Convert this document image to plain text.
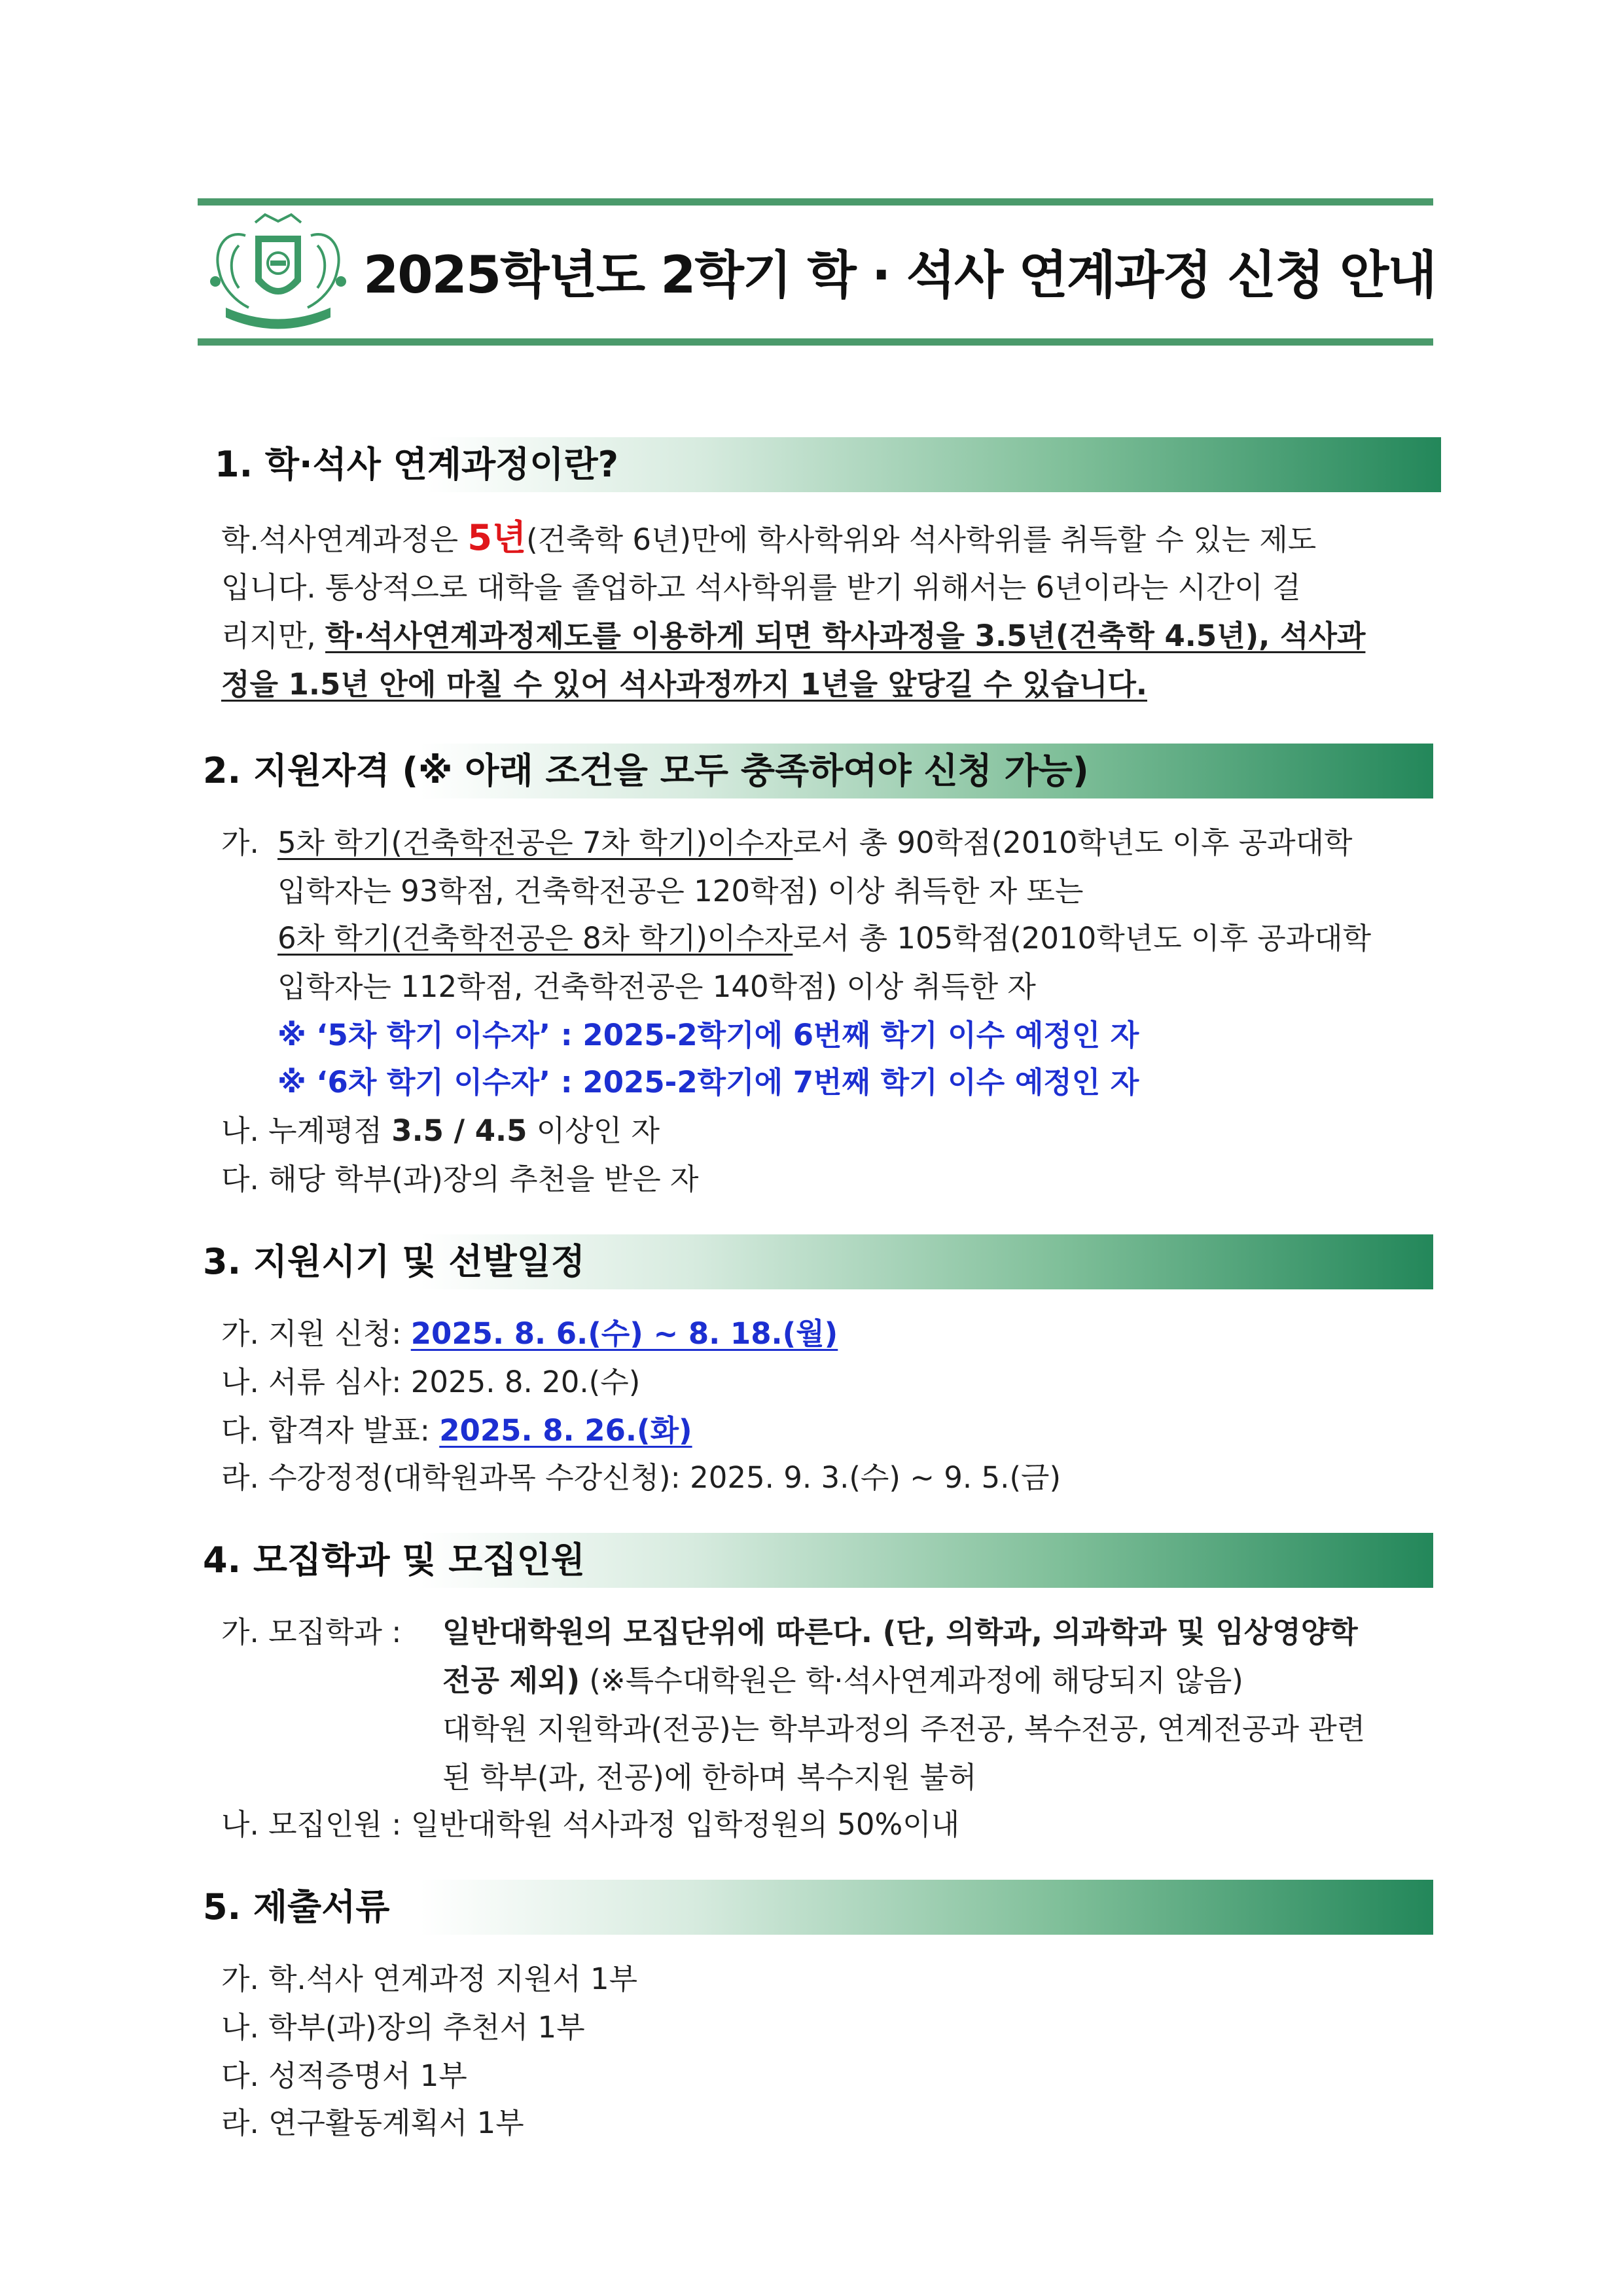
2025학년도 2학기 학 · 석사 연계과정 신청 안내
1. 학·석사 연계과정이란?
학.석사연계과정은 5년(건축학 6년)만에 학사학위와 석사학위를 취득할 수 있는 제도
입니다. 통상적으로 대학을 졸업하고 석사학위를 받기 위해서는 6년이라는 시간이 걸
리지만, 학·석사연계과정제도를 이용하게 되면 학사과정을 3.5년(건축학 4.5년), 석사과
정을 1.5년 안에 마칠 수 있어 석사과정까지 1년을 앞당길 수 있습니다.
2. 지원자격 (※ 아래 조건을 모두 충족하여야 신청 가능)
가. 5차 학기(건축학전공은 7차 학기)이수자로서 총 90학점(2010학년도 이후 공과대학
입학자는 93학점, 건축학전공은 120학점) 이상 취득한 자 또는
6차 학기(건축학전공은 8차 학기)이수자로서 총 105학점(2010학년도 이후 공과대학
입학자는 112학점, 건축학전공은 140학점) 이상 취득한 자
※ ‘5차 학기 이수자’ : 2025-2학기에 6번째 학기 이수 예정인 자
※ ‘6차 학기 이수자’ : 2025-2학기에 7번째 학기 이수 예정인 자
나. 누계평점 3.5 / 4.5 이상인 자
다. 해당 학부(과)장의 추천을 받은 자
3. 지원시기 및 선발일정
가. 지원 신청: 2025. 8. 6.(수) ~ 8. 18.(월)
나. 서류 심사: 2025. 8. 20.(수)
다. 합격자 발표: 2025. 8. 26.(화)
라. 수강정정(대학원과목 수강신청): 2025. 9. 3.(수) ~ 9. 5.(금)
4. 모집학과 및 모집인원
가. 모집학과 : 일반대학원의 모집단위에 따른다. (단, 의학과, 의과학과 및 임상영양학
전공 제외) (※특수대학원은 학·석사연계과정에 해당되지 않음)
대학원 지원학과(전공)는 학부과정의 주전공, 복수전공, 연계전공과 관련
된 학부(과, 전공)에 한하며 복수지원 불허
나. 모집인원 : 일반대학원 석사과정 입학정원의 50%이내
5. 제출서류
가. 학.석사 연계과정 지원서 1부
나. 학부(과)장의 추천서 1부
다. 성적증명서 1부
라. 연구활동계획서 1부
